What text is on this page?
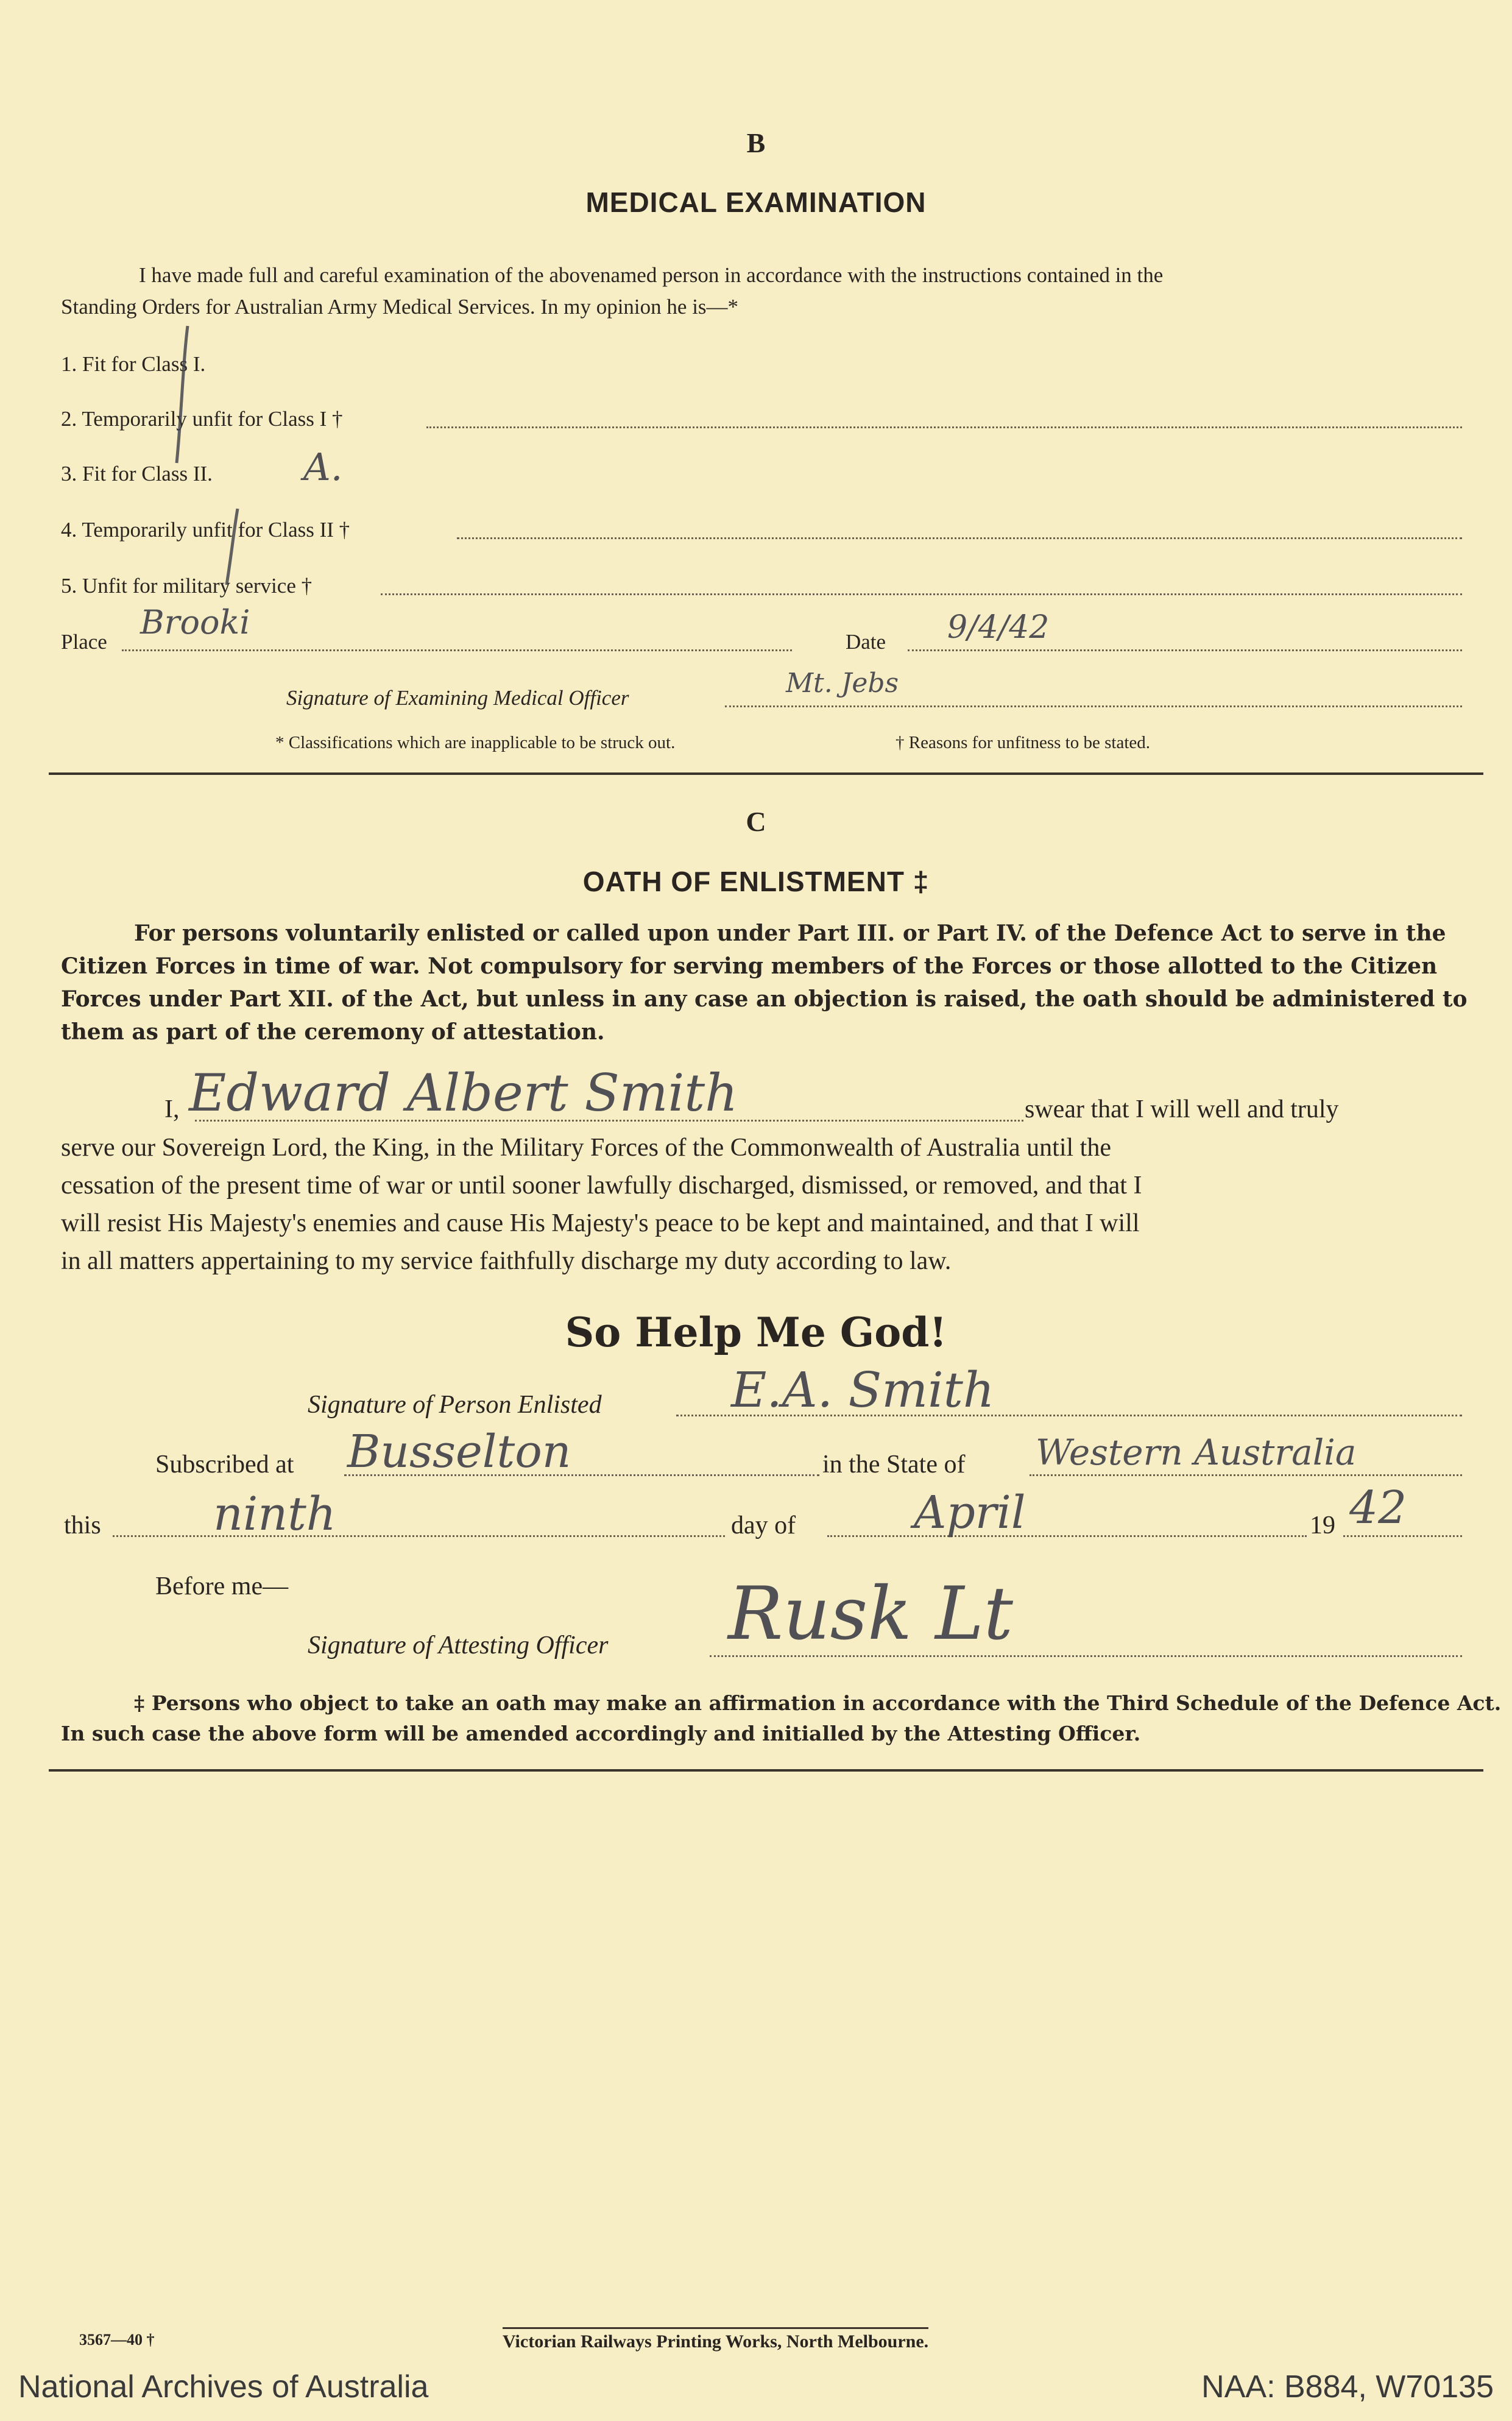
B
MEDICAL EXAMINATION
I have made full and careful examination of the abovenamed person in accordance with the instructions contained in the
Standing Orders for Australian Army Medical Services. In my opinion he is—*
1. Fit for Class I.
2. Temporarily unfit for Class I †
3. Fit for Class II. A.
4. Temporarily unfit for Class II †
5. Unfit for military service †
Place
Brooki
Date 9/4/42
Signature of Examining Medical Officer	Mt. Jebs
* Classifications which are inapplicable to be struck out.	† Reasons for unfitness to be stated.
C
OATH OF ENLISTMENT ‡
For persons voluntarily enlisted or called upon under Part III. or Part IV. of the Defence Act to serve in the
Citizen Forces in time of war. Not compulsory for serving members of the Forces or those allotted to the Citizen
Forces under Part XII. of the Act, but unless in any case an objection is raised, the oath should be administered to
them as part of the ceremony of attestation.
I, Edward Albert Smith	swear that I will well and truly
serve our Sovereign Lord, the King, in the Military Forces of the Commonwealth of Australia until the
cessation of the present time of war or until sooner lawfully discharged, dismissed, or removed, and that I
will resist His Majesty's enemies and cause His Majesty's peace to be kept and maintained, and that I will
in all matters appertaining to my service faithfully discharge my duty according to law.
So Help Me God!
Signature of Person Enlisted	E.A. Smith
Subscribed at Busselton	in the State of Western Australia
this ninth	day of	April	19 42
Before me—
Signature of Attesting Officer Rusk Lt
‡ Persons who object to take an oath may make an affirmation in accordance with the Third Schedule of the Defence Act.
In such case the above form will be amended accordingly and initialled by the Attesting Officer.
3567—40 †	Victorian Railways Printing Works, North Melbourne.
National Archives of Australia	NAA: B884, W70135
